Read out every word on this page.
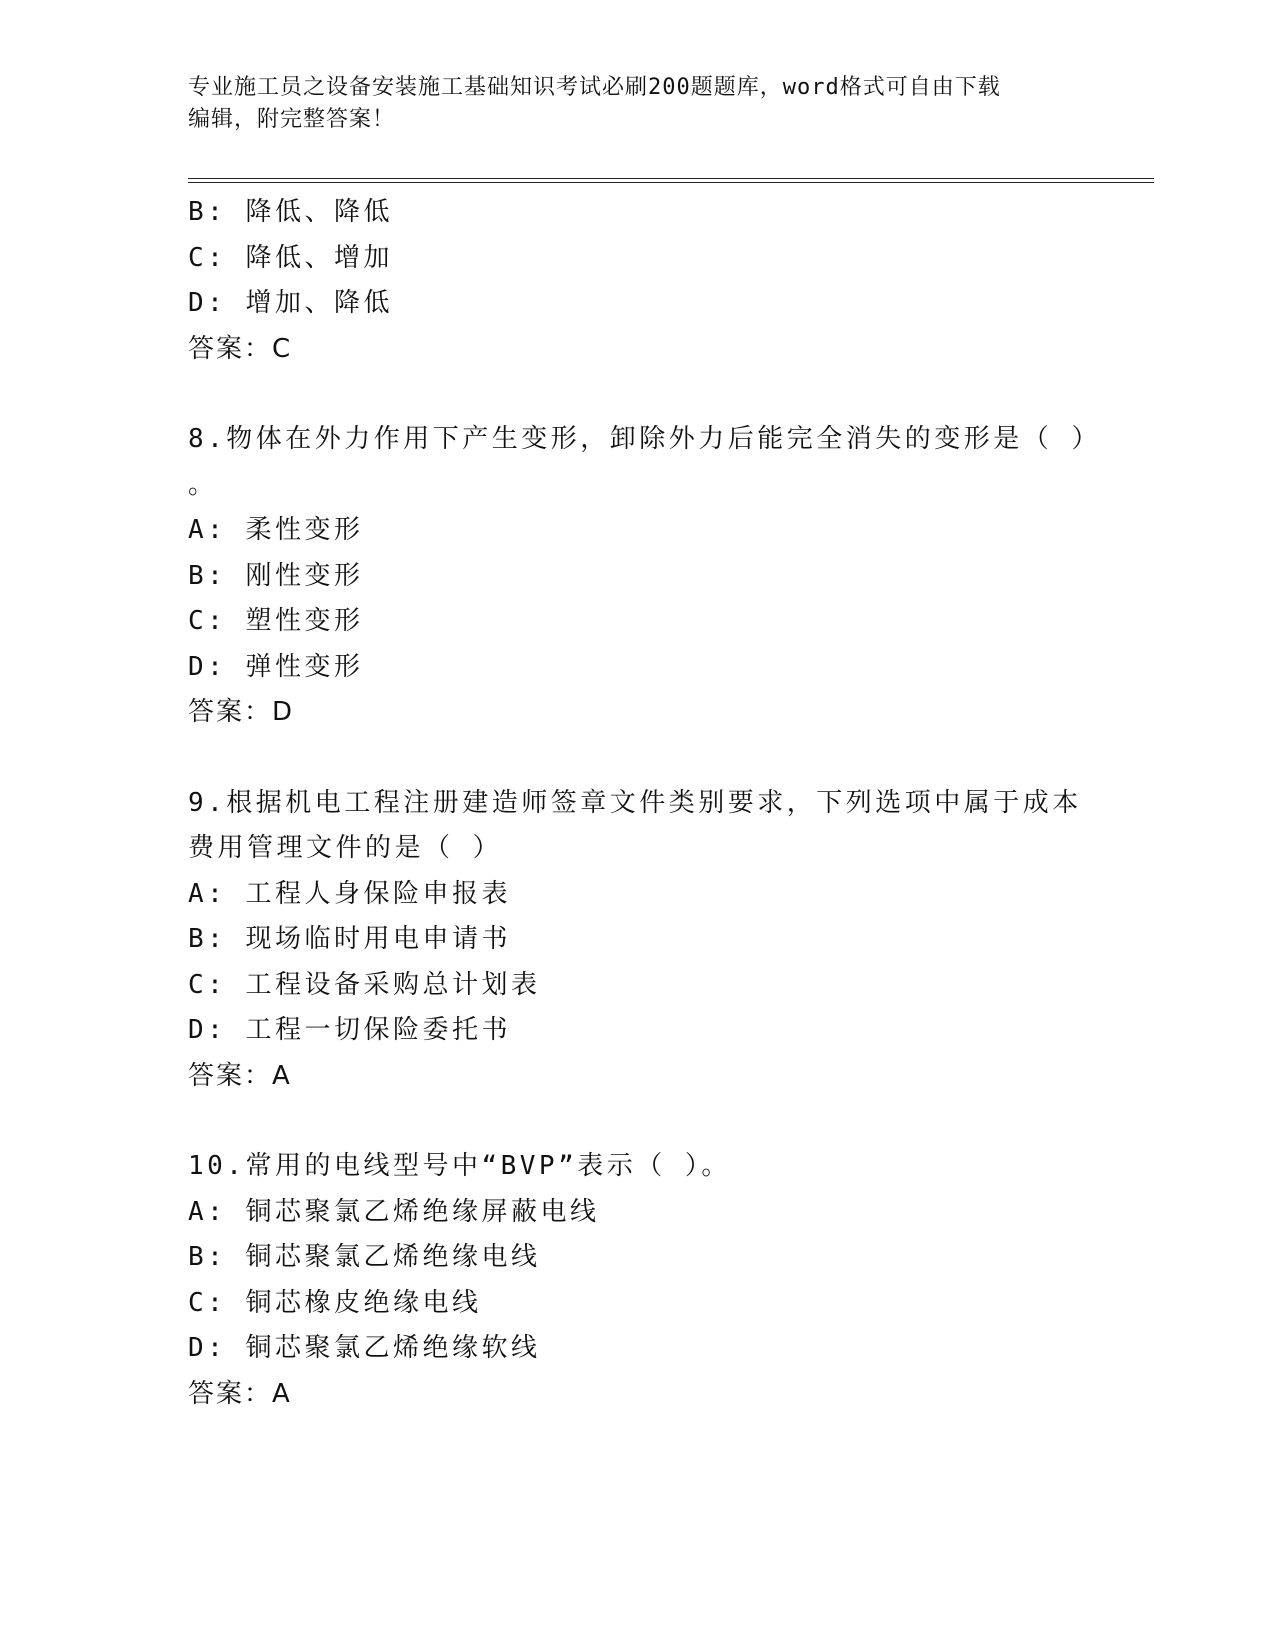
专业施工员之设备安装施工基础知识考试必刷200题题库，word格式可自由下载
编辑，附完整答案！
B: 降低、降低
C: 降低、增加
D: 增加、降低
答案：C
8.物体在外力作用下产生变形，卸除外力后能完全消失的变形是（ ）
。
A: 柔性变形
B: 刚性变形
C: 塑性变形
D: 弹性变形
答案：D
9.根据机电工程注册建造师签章文件类别要求，下列选项中属于成本
费用管理文件的是（ ）
A: 工程人身保险申报表
B: 现场临时用电申请书
C: 工程设备采购总计划表
D: 工程一切保险委托书
答案：A
10.常用的电线型号中“BVP”表示（ ）。
A: 铜芯聚氯乙烯绝缘屏蔽电线
B: 铜芯聚氯乙烯绝缘电线
C: 铜芯橡皮绝缘电线
D: 铜芯聚氯乙烯绝缘软线
答案：A
